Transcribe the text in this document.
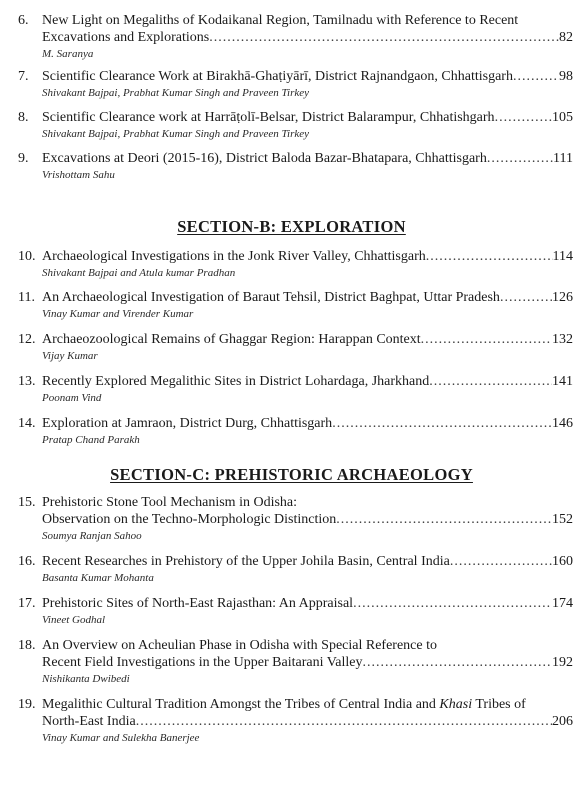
6. New Light on Megaliths of Kodaikanal Region, Tamilnadu with Reference to Recent
Excavations and Explorations .....	82
M. Saranya
7. Scientific Clearance Work at Birakhā-Ghaṭiyārī, District Rajnandgaon, Chhattisgarh .....	98
Shivakant Bajpai, Prabhat Kumar Singh and Praveen Tirkey
8. Scientific Clearance work at Harrāṭolī-Belsar, District Balarampur, Chhatishgarh .....	105
Shivakant Bajpai, Prabhat Kumar Singh and Praveen Tirkey
9. Excavations at Deori (2015-16), District Baloda Bazar-Bhatapara, Chhattisgarh .....	111
Vrishottam Sahu
SECTION-B: EXPLORATION
10. Archaeological Investigations in the Jonk River Valley, Chhattisgarh .....	114
Shivakant Bajpai and Atula kumar Pradhan
11. An Archaeological Investigation of Baraut Tehsil, District Baghpat, Uttar Pradesh .....	126
Vinay Kumar and Virender Kumar
12. Archaeozoological Remains of Ghaggar Region: Harappan Context .....	132
Vijay Kumar
13. Recently Explored Megalithic Sites in District Lohardaga, Jharkhand .....	141
Poonam Vind
14. Exploration at Jamraon, District Durg, Chhattisgarh .....	146
Pratap Chand Parakh
SECTION-C: PREHISTORIC ARCHAEOLOGY
15. Prehistoric Stone Tool Mechanism in Odisha:
Observation on the Techno-Morphologic Distinction .....	152
Soumya Ranjan Sahoo
16. Recent Researches in Prehistory of the Upper Johila Basin, Central India .....	160
Basanta Kumar Mohanta
17. Prehistoric Sites of North-East Rajasthan: An Appraisal .....	174
Vineet Godhal
18. An Overview on Acheulian Phase in Odisha with Special Reference to
Recent Field Investigations in the Upper Baitarani Valley .....	192
Nishikanta Dwibedi
19. Megalithic Cultural Tradition Amongst the Tribes of Central India and Khasi Tribes of
North-East India .....	206
Vinay Kumar and Sulekha Banerjee
